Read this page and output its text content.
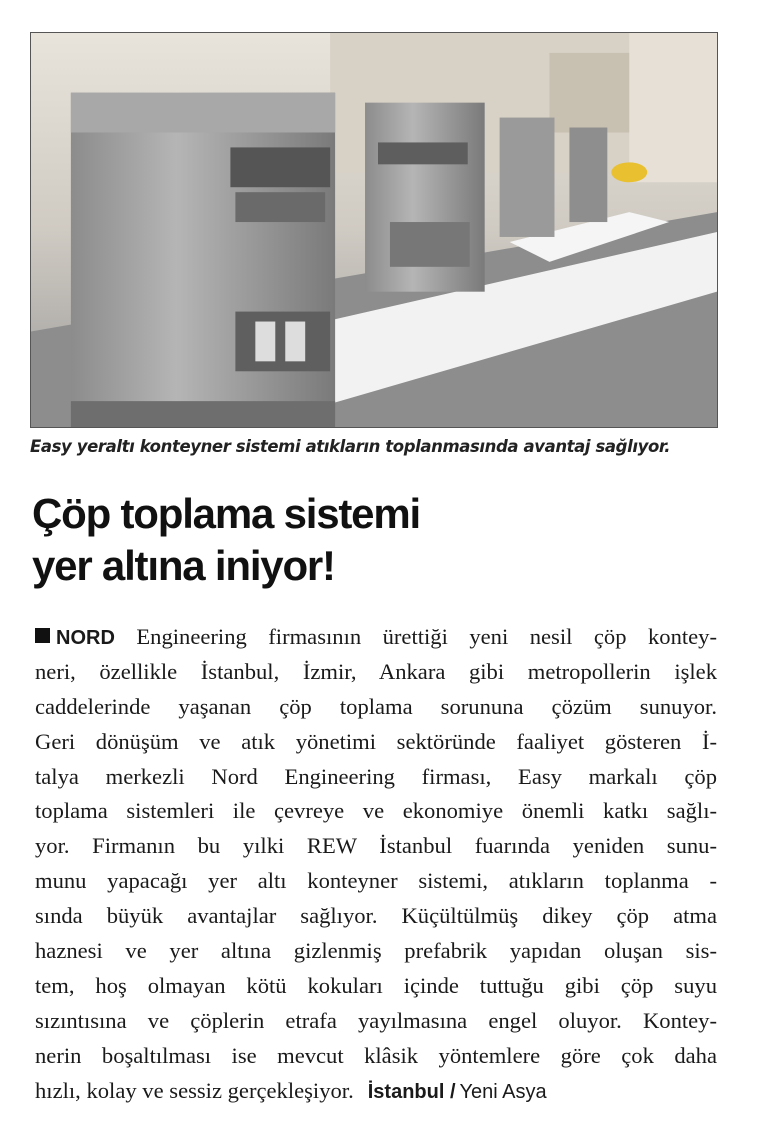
Easy yeraltı konteyner sistemi atıkların toplanmasında avantaj sağlıyor.
Çöp toplama sistemi
yer altına iniyor!
NORD Engineering firmasının ürettiği yeni nesil çöp kontey-
neri, özellikle İstanbul, İzmir, Ankara gibi metropollerin işlek
caddelerinde yaşanan çöp toplama sorununa çözüm sunuyor.
Geri dönüşüm ve atık yönetimi sektöründe faaliyet gösteren İ-
talya merkezli Nord Engineering firması, Easy markalı çöp
toplama sistemleri ile çevreye ve ekonomiye önemli katkı sağlı-
yor. Firmanın bu yılki REW İstanbul fuarında yeniden sunu-
munu yapacağı yer altı konteyner sistemi, atıkların toplanma -
sında büyük avantajlar sağlıyor. Küçültülmüş dikey çöp atma
haznesi ve yer altına gizlenmiş prefabrik yapıdan oluşan sis-
tem, hoş olmayan kötü kokuları içinde tuttuğu gibi çöp suyu
sızıntısına ve çöplerin etrafa yayılmasına engel oluyor. Kontey-
nerin boşaltılması ise mevcut klâsik yöntemlere göre çok daha
hızlı, kolay ve sessiz gerçekleşiyor. İstanbul / Yeni Asya
